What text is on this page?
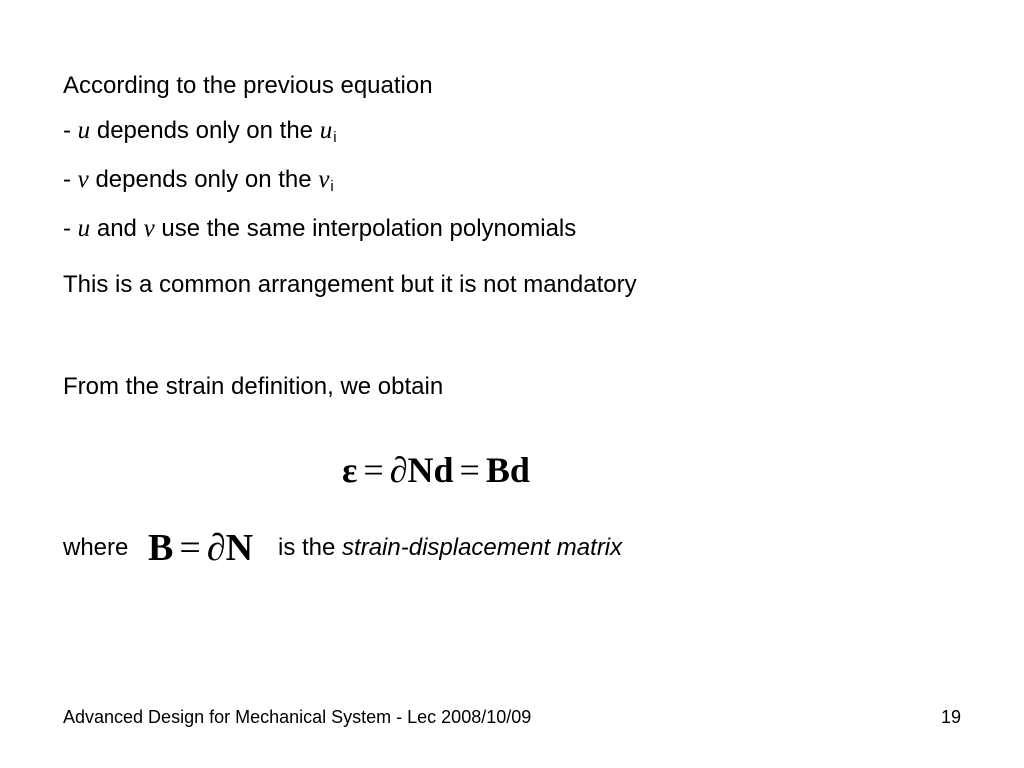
According to the previous equation
- u depends only on the ui
- v depends only on the vi
- u and v use the same interpolation polynomials
This is a common arrangement but it is not mandatory
From the strain definition, we obtain
ε = ∂Nd = Bd
where B = ∂N is the strain-displacement matrix
Advanced Design for Mechanical System - Lec 2008/10/09	19
